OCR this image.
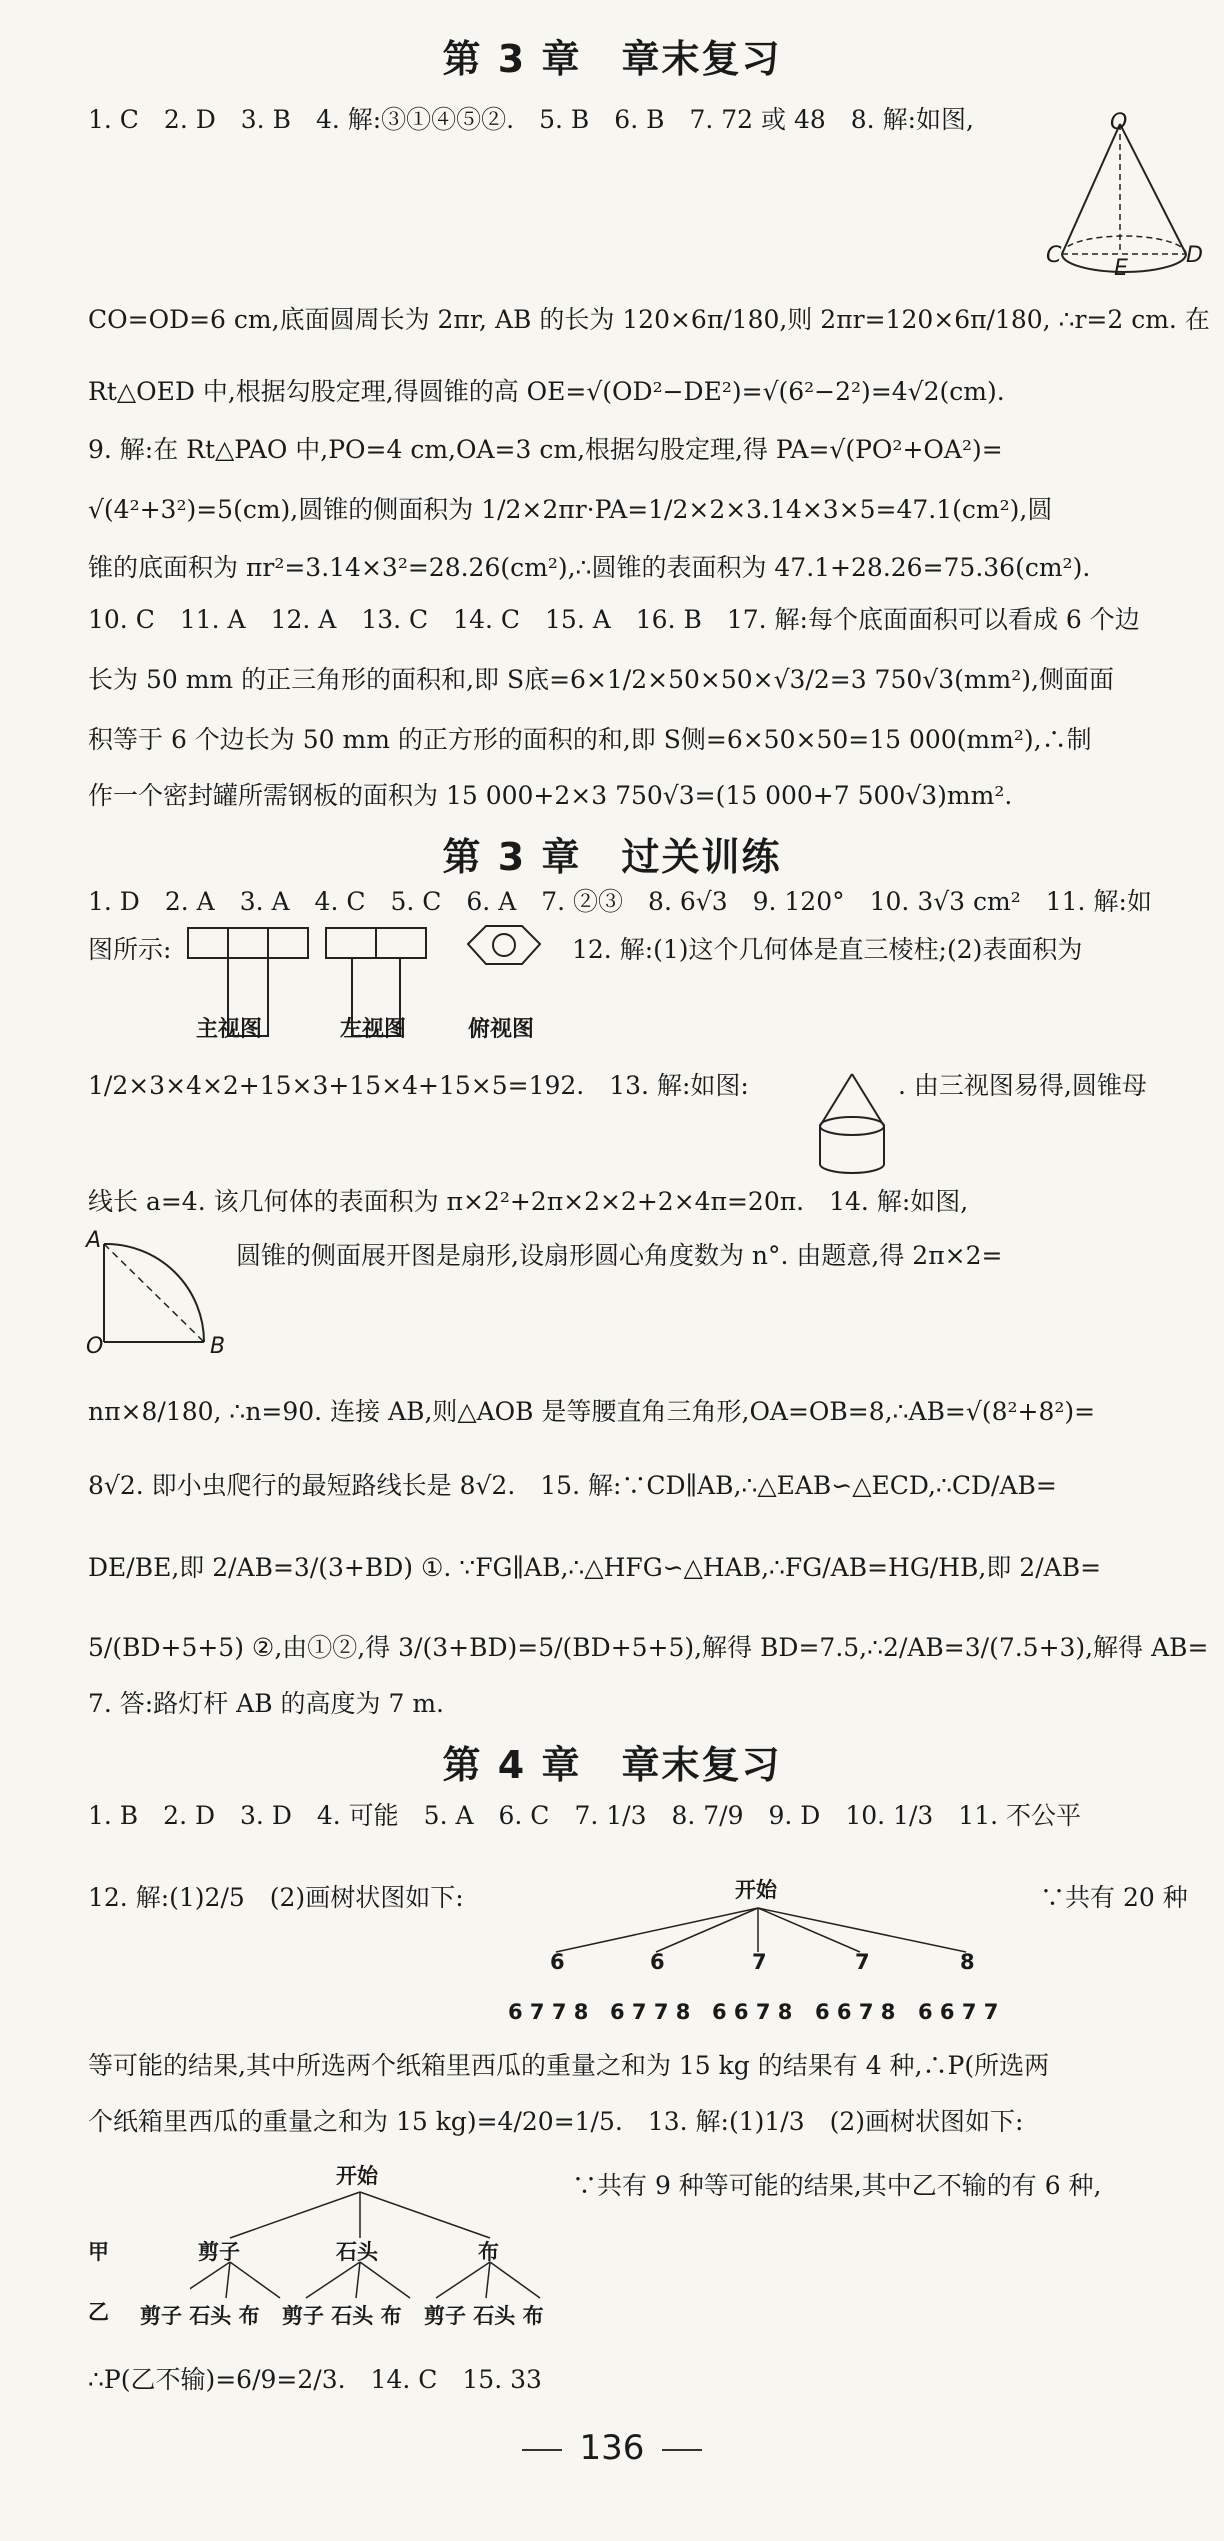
第 3 章　章末复习
1. C　2. D　3. B　4. 解:③①④⑤②.　5. B　6. B　7. 72 或 48　8. 解:如图,	O
C
E
D
CO=OD=6 cm,底面圆周长为 2πr, AB 的长为 120×6π/180,则 2πr=120×6π/180, ∴r=2 cm. 在
Rt△OED 中,根据勾股定理,得圆锥的高 OE=√(OD²−DE²)=√(6²−2²)=4√2(cm).
9. 解:在 Rt△PAO 中,PO=4 cm,OA=3 cm,根据勾股定理,得 PA=√(PO²+OA²)=
√(4²+3²)=5(cm),圆锥的侧面积为 1/2×2πr·PA=1/2×2×3.14×3×5=47.1(cm²),圆
锥的底面积为 πr²=3.14×3²=28.26(cm²),∴圆锥的表面积为 47.1+28.26=75.36(cm²).
10. C　11. A　12. A　13. C　14. C　15. A　16. B　17. 解:每个底面面积可以看成 6 个边
长为 50 mm 的正三角形的面积和,即 S底=6×1/2×50×50×√3/2=3 750√3(mm²),侧面面
积等于 6 个边长为 50 mm 的正方形的面积的和,即 S侧=6×50×50=15 000(mm²),∴制
作一个密封罐所需钢板的面积为 15 000+2×3 750√3=(15 000+7 500√3)mm².
第 3 章　过关训练
1. D　2. A　3. A　4. C　5. C　6. A　7. ②③　8. 6√3　9. 120°　10. 3√3 cm²　11. 解:如
图所示:
主视图	左视图	俯视图
12. 解:(1)这个几何体是直三棱柱;(2)表面积为
1/2×3×4×2+15×3+15×4+15×5=192.　13. 解:如图:	. 由三视图易得,圆锥母
线长 a=4. 该几何体的表面积为 π×2²+2π×2×2+2×4π=20π.　14. 解:如图,
A
O	B
圆锥的侧面展开图是扇形,设扇形圆心角度数为 n°. 由题意,得 2π×2=
nπ×8/180, ∴n=90. 连接 AB,则△AOB 是等腰直角三角形,OA=OB=8,∴AB=√(8²+8²)=
8√2. 即小虫爬行的最短路线长是 8√2.　15. 解:∵CD∥AB,∴△EAB∽△ECD,∴CD/AB=
DE/BE,即 2/AB=3/(3+BD) ①. ∵FG∥AB,∴△HFG∽△HAB,∴FG/AB=HG/HB,即 2/AB=
5/(BD+5+5) ②,由①②,得 3/(3+BD)=5/(BD+5+5),解得 BD=7.5,∴2/AB=3/(7.5+3),解得 AB=
7. 答:路灯杆 AB 的高度为 7 m.
第 4 章　章末复习
1. B　2. D　3. D　4. 可能　5. A　6. C　7. 1/3　8. 7/9　9. D　10. 1/3　11. 不公平
12. 解:(1)2/5　(2)画树状图如下:	∵共有 20 种
开始
6	6	7	7	8
6 7 7 8 6 7 7 8 6 6 7 8 6 6 7 8 6 6 7 7
等可能的结果,其中所选两个纸箱里西瓜的重量之和为 15 kg 的结果有 4 种,∴P(所选两
个纸箱里西瓜的重量之和为 15 kg)=4/20=1/5.　13. 解:(1)1/3　(2)画树状图如下:
开始
甲
乙
剪子	石头	布
剪子 石头 布 剪子 石头 布 剪子 石头 布
∵共有 9 种等可能的结果,其中乙不输的有 6 种,
∴P(乙不输)=6/9=2/3.　14. C　15. 33
136
